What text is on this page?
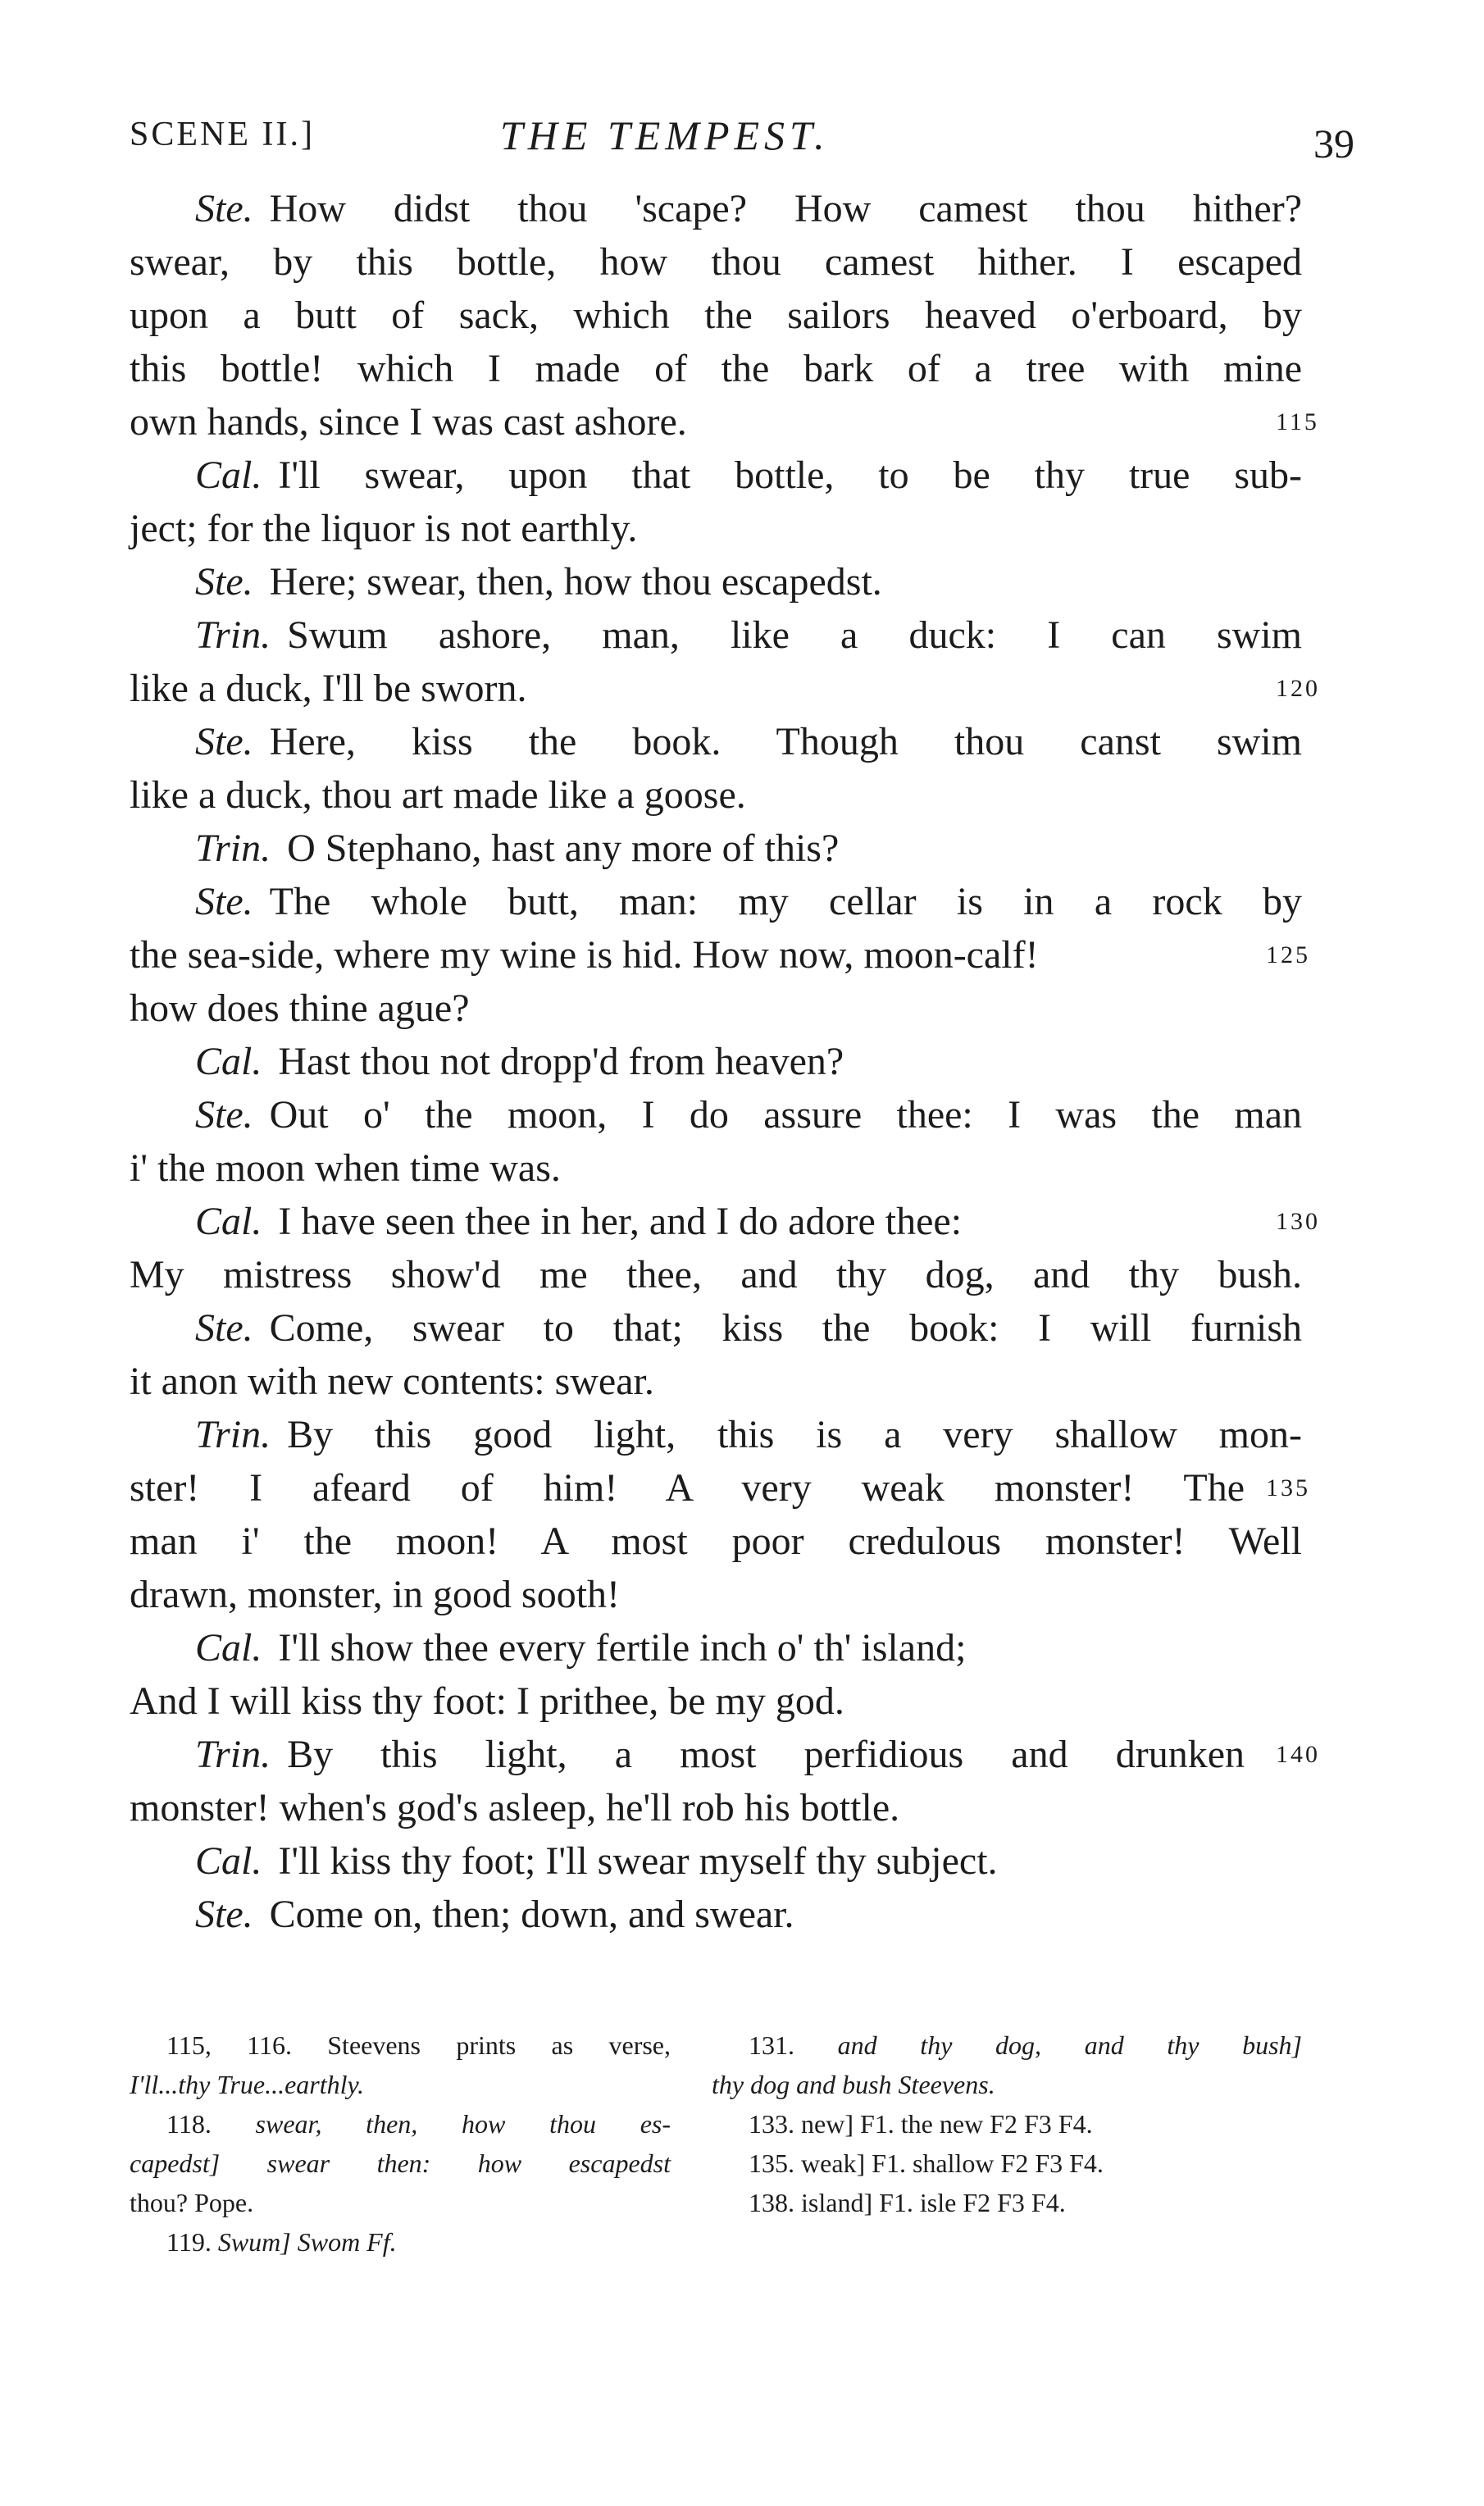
SCENE II.]	THE TEMPEST.	39
Ste. How didst thou 'scape? How camest thou hither?
swear, by this bottle, how thou camest hither. I escaped
upon a butt of sack, which the sailors heaved o'erboard, by
this bottle! which I made of the bark of a tree with mine
own hands, since I was cast ashore.	115
Cal. I'll swear, upon that bottle, to be thy true sub-
ject; for the liquor is not earthly.
Ste. Here; swear, then, how thou escapedst.
Trin. Swum ashore, man, like a duck: I can swim
like a duck, I'll be sworn.	120
Ste. Here, kiss the book. Though thou canst swim
like a duck, thou art made like a goose.
Trin. O Stephano, hast any more of this?
Ste. The whole butt, man: my cellar is in a rock by
the sea-side, where my wine is hid. How now, moon-calf!	125
how does thine ague?
Cal. Hast thou not dropp'd from heaven?
Ste. Out o' the moon, I do assure thee: I was the man
i' the moon when time was.
Cal. I have seen thee in her, and I do adore thee:	130
My mistress show'd me thee, and thy dog, and thy bush.
Ste. Come, swear to that; kiss the book: I will furnish
it anon with new contents: swear.
Trin. By this good light, this is a very shallow mon-
ster! I afeard of him! A very weak monster! The 135
man i' the moon! A most poor credulous monster! Well
drawn, monster, in good sooth!
Cal. I'll show thee every fertile inch o' th' island;
And I will kiss thy foot: I prithee, be my god.
Trin. By this light, a most perfidious and drunken 140
monster! when's god's asleep, he'll rob his bottle.
Cal. I'll kiss thy foot; I'll swear myself thy subject.
Ste. Come on, then; down, and swear.
115, 116. Steevens prints as verse,
I'll...thy True...earthly.
118. swear, then, how thou es-
capedst] swear then: how escapedst
thou? Pope.
119. Swum] Swom Ff.
131. and thy dog, and thy bush]
thy dog and bush Steevens.
133. new] F1. the new F2 F3 F4.
135. weak] F1. shallow F2 F3 F4.
138. island] F1. isle F2 F3 F4.
